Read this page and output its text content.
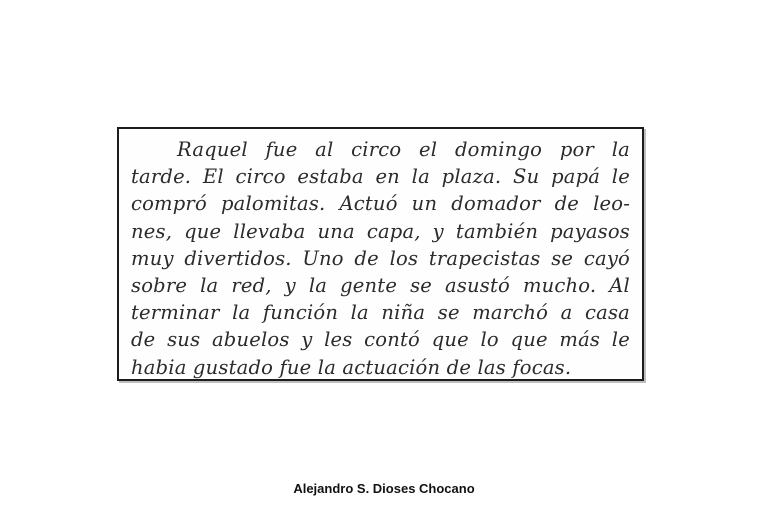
Raquel fue al circo el domingo por la
tarde. El circo estaba en la plaza. Su papá le
compró palomitas. Actuó un domador de leo-
nes, que llevaba una capa, y también payasos
muy divertidos. Uno de los trapecistas se cayó
sobre la red, y la gente se asustó mucho. Al
terminar la función la niña se marchó a casa
de sus abuelos y les contó que lo que más le
habia gustado fue la actuación de las focas.
Alejandro S. Dioses Chocano
